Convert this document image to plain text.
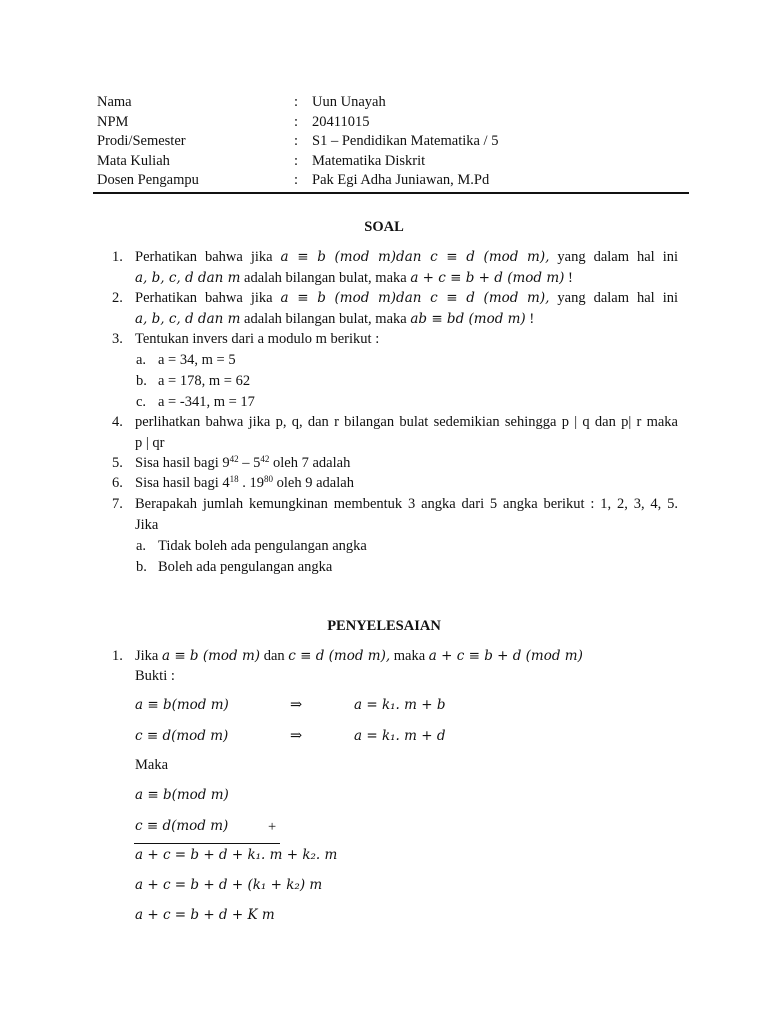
Nama	: Uun Unayah
NPM	: 20411015
Prodi/Semester	: S1 – Pendidikan Matematika / 5
Mata Kuliah	: Matematika Diskrit
Dosen Pengampu	: Pak Egi Adha Juniawan, M.Pd
SOAL
1. Perhatikan bahwa jika a ≡ b (mod m)dan c ≡ d (mod m), yang dalam hal ini
a, b, c, d dan m adalah bilangan bulat, maka a + c ≡ b + d (mod m) !
2. Perhatikan bahwa jika a ≡ b (mod m)dan c ≡ d (mod m), yang dalam hal ini
a, b, c, d dan m adalah bilangan bulat, maka ab ≡ bd (mod m) !
3. Tentukan invers dari a modulo m berikut :
a. a = 34, m = 5
b. a = 178, m = 62
c. a = -341, m = 17
4. perlihatkan bahwa jika p, q, dan r bilangan bulat sedemikian sehingga p | q dan p| r maka
p | qr
5. Sisa hasil bagi $9^{42} - 5^{42}$ oleh 7 adalah
6. Sisa hasil bagi $4^{18}$ . $19^{80}$ oleh 9 adalah
7. Berapakah jumlah kemungkinan membentuk 3 angka dari 5 angka berikut : 1, 2, 3, 4, 5.
Jika
a. Tidak boleh ada pengulangan angka
b. Boleh ada pengulangan angka
PENYELESAIAN
1. Jika a ≡ b (mod m) dan c ≡ d (mod m), maka a + c ≡ b + d (mod m)
Bukti :
a ≡ b(mod m)	⇒	a = k₁. m + b
c ≡ d(mod m)	⇒	a = k₁. m + d
Maka
a ≡ b(mod m)
c ≡ d(mod m)	+
a + c = b + d + k₁. m + k₂. m
a + c = b + d + (k₁ + k₂) m
a + c = b + d + K m
